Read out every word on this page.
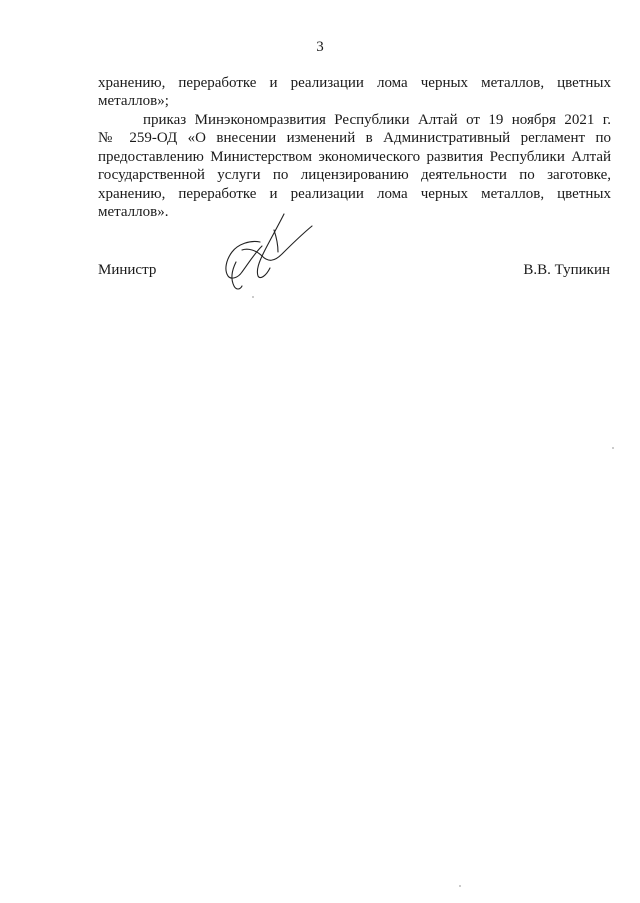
3

хранению, переработке и реализации лома черных металлов, цветных

металлов»;

приказ Минэкономразвития Республики Алтай от 19 ноября 2021 г.

№ 259-ОД «О внесении изменений в Административный регламент по

предоставлению Министерством экономического развития Республики Алтай

государственной услуги по лицензированию деятельности по заготовке,

хранению, переработке и реализации лома черных металлов, цветных

металлов».

Министр	В.В. Тупикин
